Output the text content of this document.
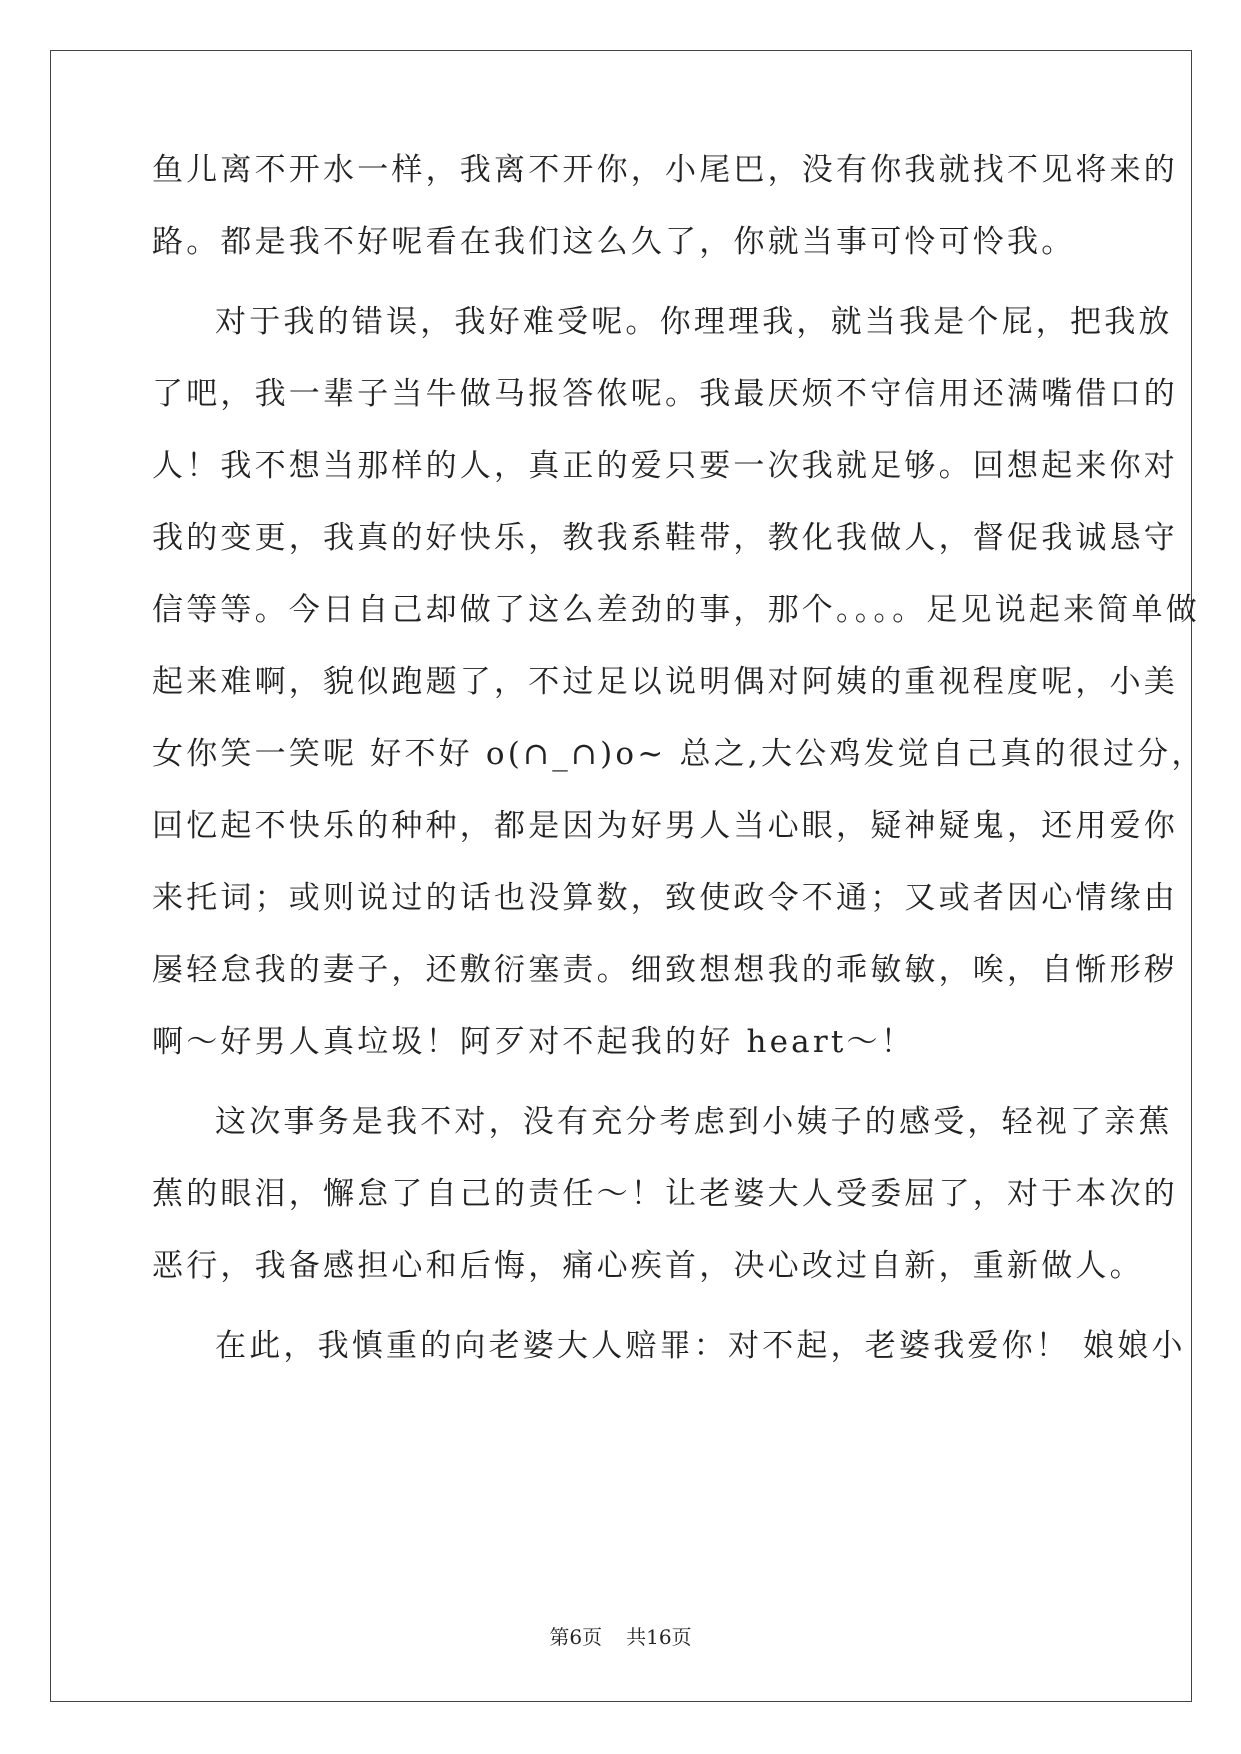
鱼儿离不开水一样，我离不开你，小尾巴，没有你我就找不见将来的
路。都是我不好呢看在我们这么久了，你就当事可怜可怜我。
对于我的错误，我好难受呢。你理理我，就当我是个屁，把我放
了吧，我一辈子当牛做马报答侬呢。我最厌烦不守信用还满嘴借口的
人！我不想当那样的人，真正的爱只要一次我就足够。回想起来你对
我的变更，我真的好快乐，教我系鞋带，教化我做人，督促我诚恳守
信等等。今日自己却做了这么差劲的事，那个。。。。足见说起来简单做
起来难啊，貌似跑题了，不过足以说明偶对阿姨的重视程度呢，小美
女你笑一笑呢 好不好 o(∩_∩)o~ 总之,大公鸡发觉自己真的很过分，
回忆起不快乐的种种，都是因为好男人当心眼，疑神疑鬼，还用爱你
来托词；或则说过的话也没算数，致使政令不通；又或者因心情缘由
屡轻怠我的妻子，还敷衍塞责。细致想想我的乖敏敏，唉，自惭形秽
啊～好男人真垃圾！阿歹对不起我的好 heart～！
这次事务是我不对，没有充分考虑到小姨子的感受，轻视了亲蕉
蕉的眼泪，懈怠了自己的责任～！让老婆大人受委屈了，对于本次的
恶行，我备感担心和后悔，痛心疾首，决心改过自新，重新做人。
在此，我慎重的向老婆大人赔罪：对不起，老婆我爱你！ 娘娘小
第6页 共16页
